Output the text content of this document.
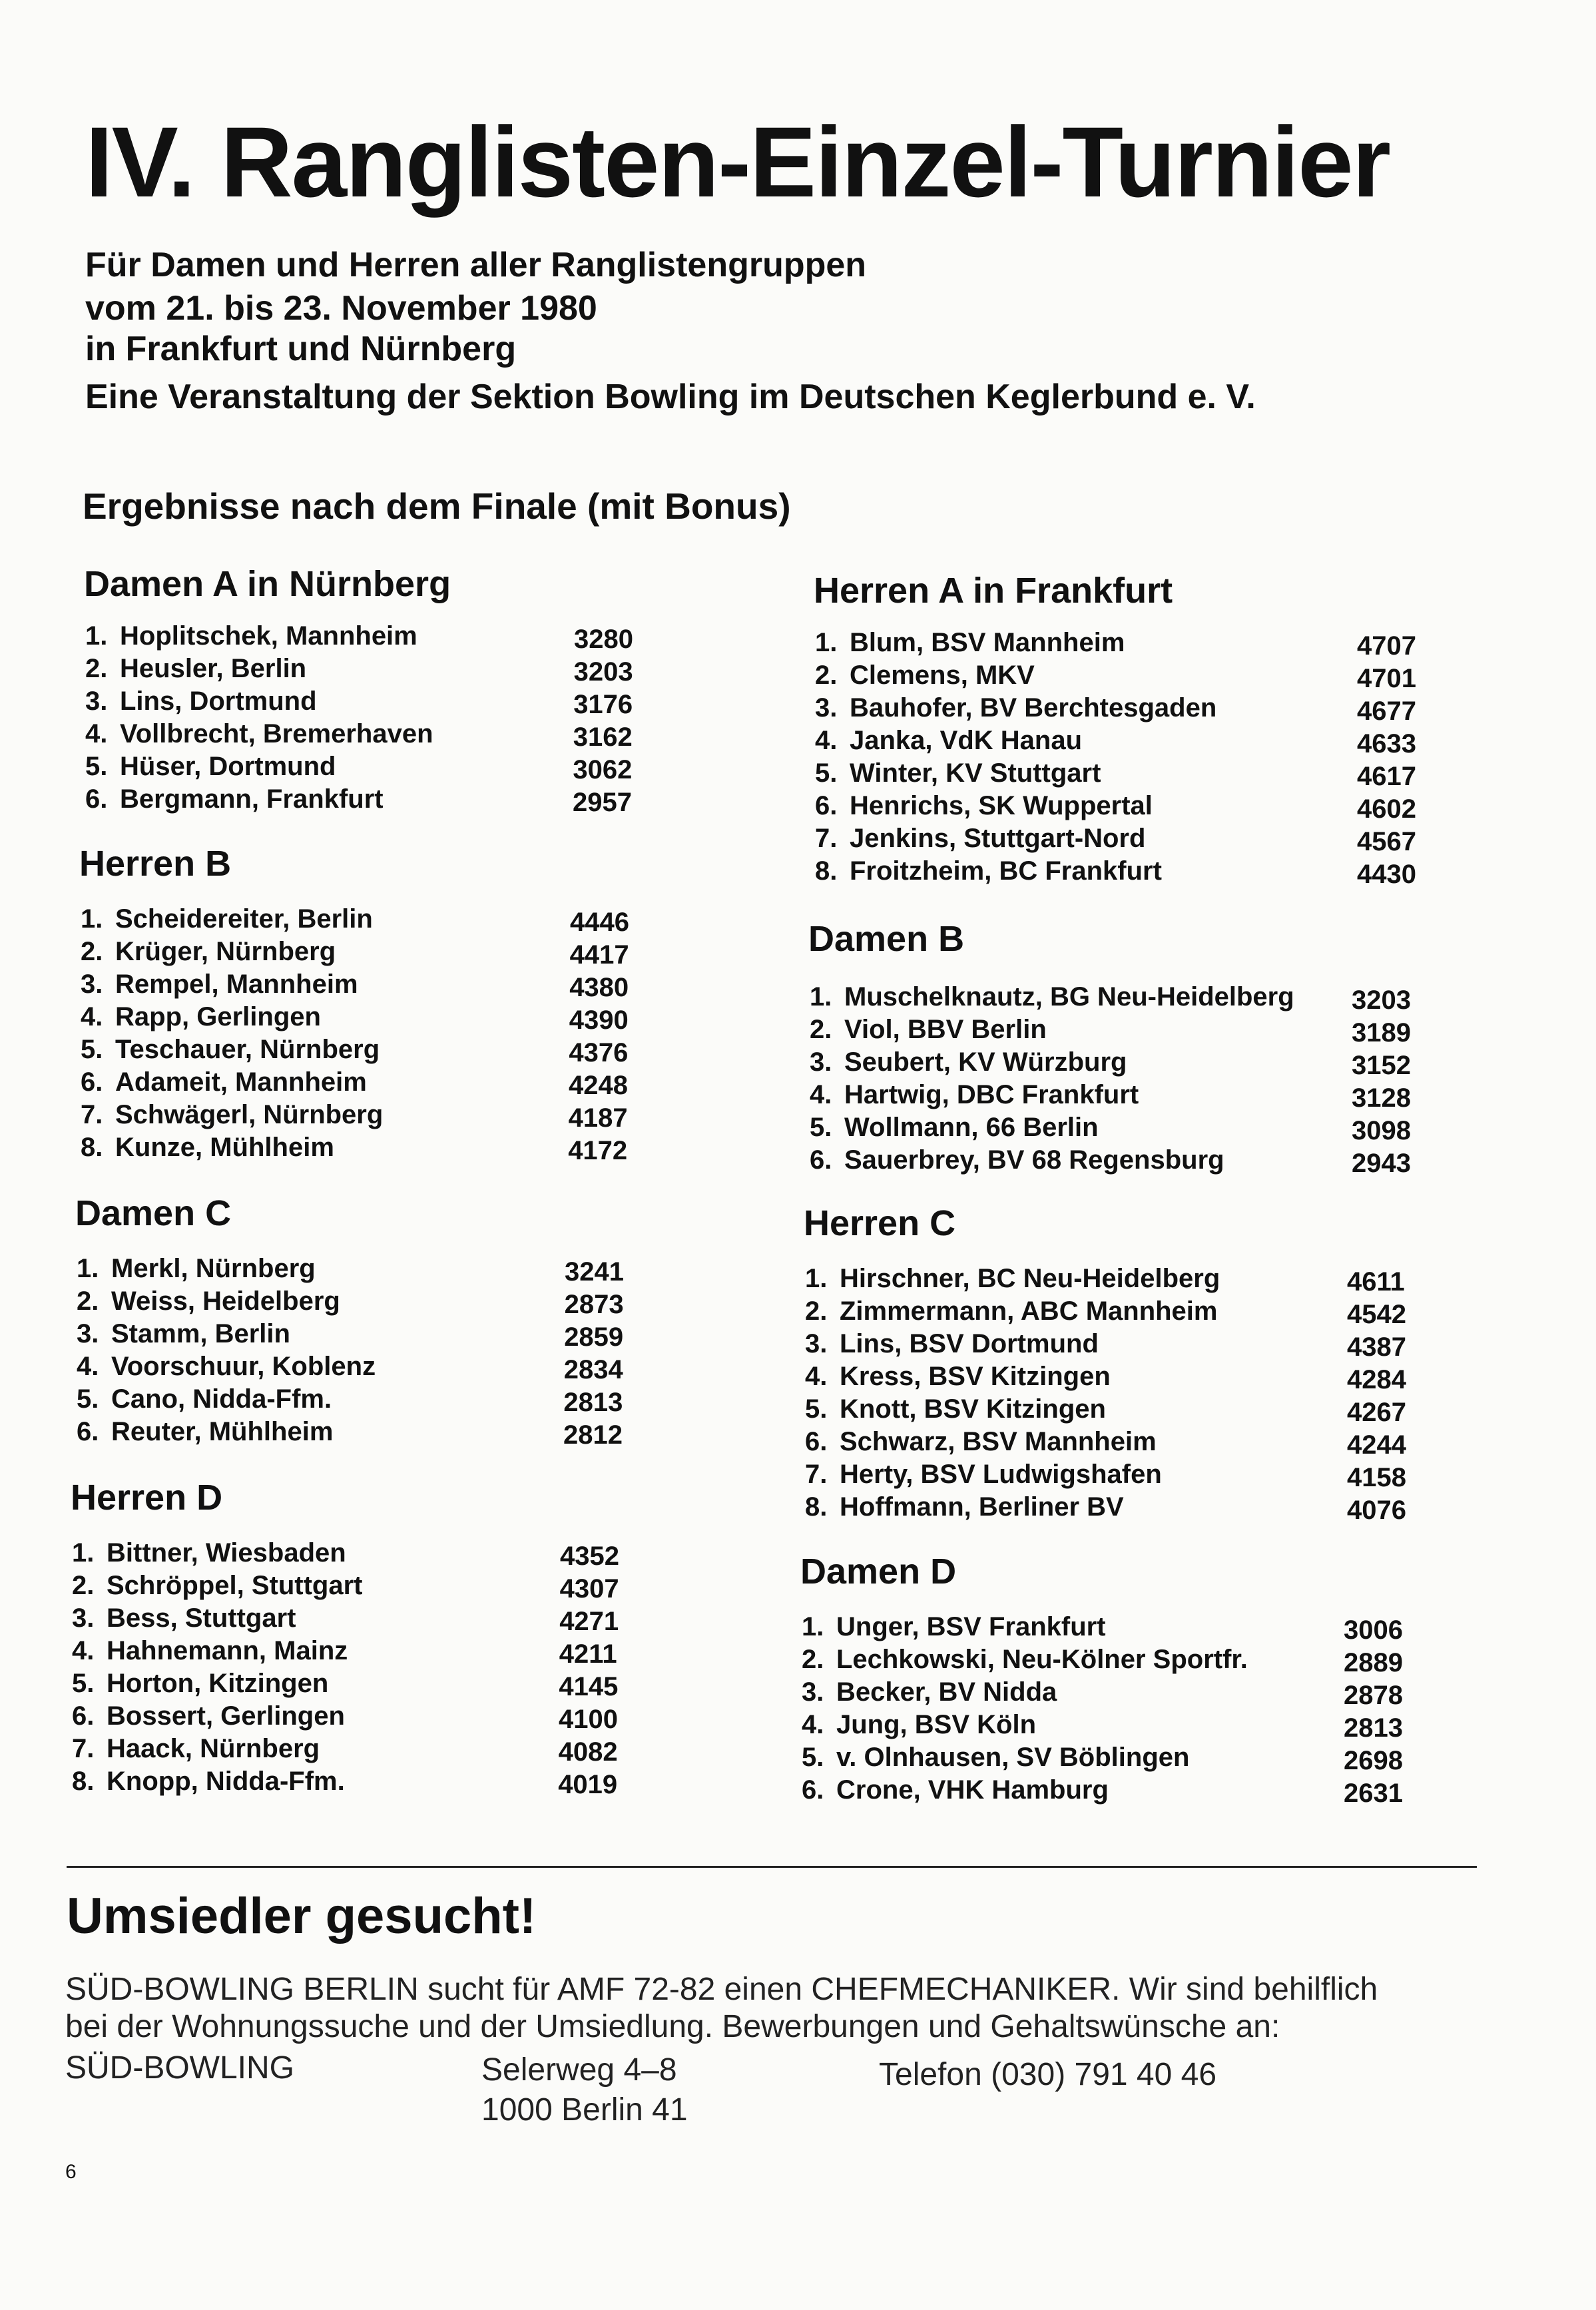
IV. Ranglisten-Einzel-Turnier
Für Damen und Herren aller Ranglistengruppen
vom 21. bis 23. November 1980
in Frankfurt und Nürnberg
Eine Veranstaltung der Sektion Bowling im Deutschen Keglerbund e. V.
Ergebnisse nach dem Finale (mit Bonus)
Damen A in Nürnberg
1. Hoplitschek, Mannheim	3280
2. Heusler, Berlin	3203
3. Lins, Dortmund	3176
4. Vollbrecht, Bremerhaven	3162
5. Hüser, Dortmund	3062
6. Bergmann, Frankfurt	2957
Herren B
1. Scheidereiter, Berlin	4446
2. Krüger, Nürnberg	4417
3. Rempel, Mannheim	4380
4. Rapp, Gerlingen	4390
5. Teschauer, Nürnberg	4376
6. Adameit, Mannheim	4248
7. Schwägerl, Nürnberg	4187
8. Kunze, Mühlheim	4172
Damen C
1. Merkl, Nürnberg	3241
2. Weiss, Heidelberg	2873
3. Stamm, Berlin	2859
4. Voorschuur, Koblenz	2834
5. Cano, Nidda-Ffm.	2813
6. Reuter, Mühlheim	2812
Herren D
1. Bittner, Wiesbaden	4352
2. Schröppel, Stuttgart	4307
3. Bess, Stuttgart	4271
4. Hahnemann, Mainz	4211
5. Horton, Kitzingen	4145
6. Bossert, Gerlingen	4100
7. Haack, Nürnberg	4082
8. Knopp, Nidda-Ffm.	4019
Herren A in Frankfurt
1. Blum, BSV Mannheim	4707
2. Clemens, MKV	4701
3. Bauhofer, BV Berchtesgaden	4677
4. Janka, VdK Hanau	4633
5. Winter, KV Stuttgart	4617
6. Henrichs, SK Wuppertal	4602
7. Jenkins, Stuttgart-Nord	4567
8. Froitzheim, BC Frankfurt	4430
Damen B
1. Muschelknautz, BG Neu-Heidelberg 3203
2. Viol, BBV Berlin	3189
3. Seubert, KV Würzburg	3152
4. Hartwig, DBC Frankfurt	3128
5. Wollmann, 66 Berlin	3098
6. Sauerbrey, BV 68 Regensburg	2943
Herren C
1. Hirschner, BC Neu-Heidelberg	4611
2. Zimmermann, ABC Mannheim	4542
3. Lins, BSV Dortmund	4387
4. Kress, BSV Kitzingen	4284
5. Knott, BSV Kitzingen	4267
6. Schwarz, BSV Mannheim	4244
7. Herty, BSV Ludwigshafen	4158
8. Hoffmann, Berliner BV	4076
Damen D
1. Unger, BSV Frankfurt	3006
2. Lechkowski, Neu-Kölner Sportfr.	2889
3. Becker, BV Nidda	2878
4. Jung, BSV Köln	2813
5. v. Olnhausen, SV Böblingen	2698
6. Crone, VHK Hamburg	2631
Umsiedler gesucht!
SÜD-BOWLING BERLIN sucht für AMF 72-82 einen CHEFMECHANIKER. Wir sind behilflich
bei der Wohnungssuche und der Umsiedlung. Bewerbungen und Gehaltswünsche an:
SÜD-BOWLING	Selerweg 4–8
1000 Berlin 41
Telefon (030) 791 40 46
6
